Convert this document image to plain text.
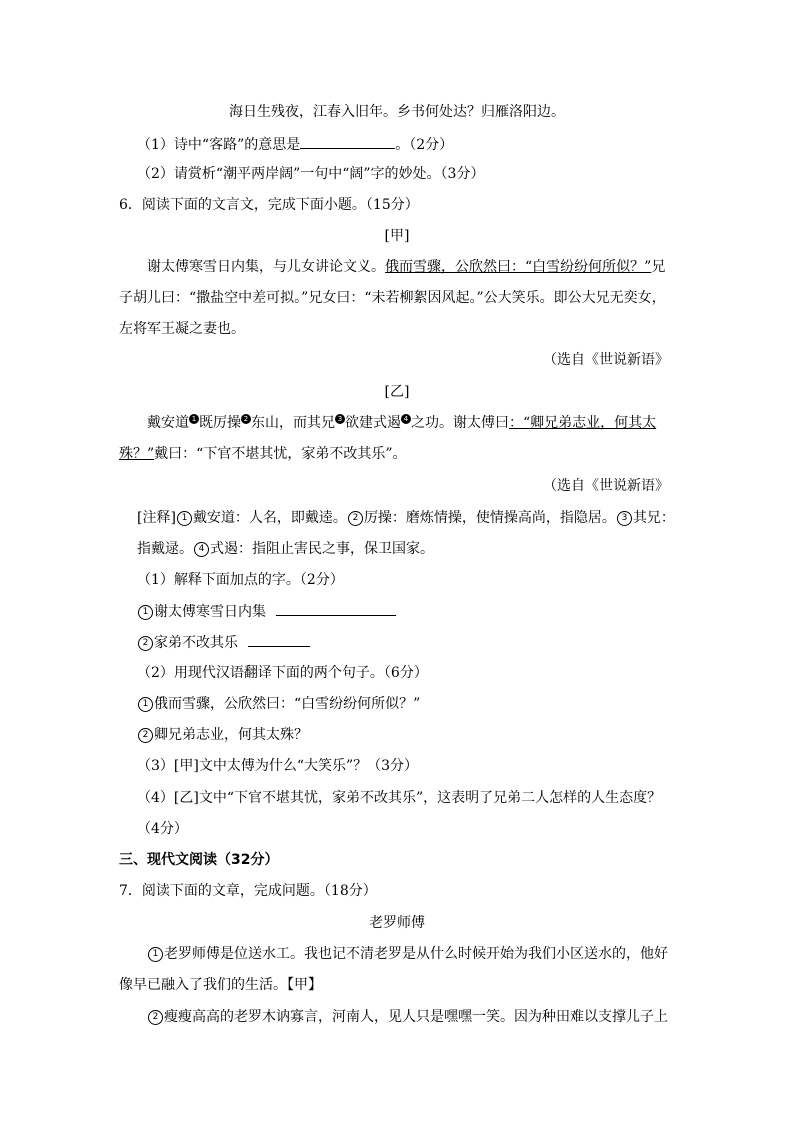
海日生残夜，江春入旧年。乡书何处达？归雁洛阳边。
（1）诗中“客路”的意思是	。（2分）
（2）请赏析“潮平两岸阔”一句中“阔”字的妙处。（3分）
6．阅读下面的文言文，完成下面小题。（15分）
[甲]
谢太傅寒雪日内集，与儿女讲论文义。俄而雪骤，公欣然曰：“白雪纷纷何所似？”兄
子胡儿曰：“撒盐空中差可拟。”兄女曰：“未若柳絮因风起。”公大笑乐。即公大兄无奕女，
左将军王凝之妻也。
（选自《世说新语》
[乙]
戴安道 1 既厉操 2 东山，而其兄 3 欲建式遏 4 之功。谢太傅曰：“卿兄弟志业，何其太
殊？”戴曰：“下官不堪其忧，家弟不改其乐”。
（选自《世说新语》
[注释] 1 戴安道：人名，即戴逵。 2 厉操：磨炼情操，使情操高尚，指隐居。 3 其兄：
指戴逯。 4 式遏：指阻止害民之事，保卫国家。
（1）解释下面加点的字。（2分）
1 谢太傅寒雪日内集
2 家弟不改其乐
（2）用现代汉语翻译下面的两个句子。（6分）
1 俄而雪骤，公欣然曰：“白雪纷纷何所似？”
2 卿兄弟志业，何其太殊？
（3）[甲]文中太傅为什么“大笑乐”？（3分）
（4）[乙]文中“下官不堪其忧，家弟不改其乐”，这表明了兄弟二人怎样的人生态度？
（4分）
三、现代文阅读（32分）
7．阅读下面的文章，完成问题。（18分）
老罗师傅
1 老罗师傅是位送水工。我也记不清老罗是从什么时候开始为我们小区送水的，他好
像早已融入了我们的生活。【甲】
2 瘦瘦高高的老罗木讷寡言，河南人，见人只是嘿嘿一笑。因为种田难以支撑儿子上
